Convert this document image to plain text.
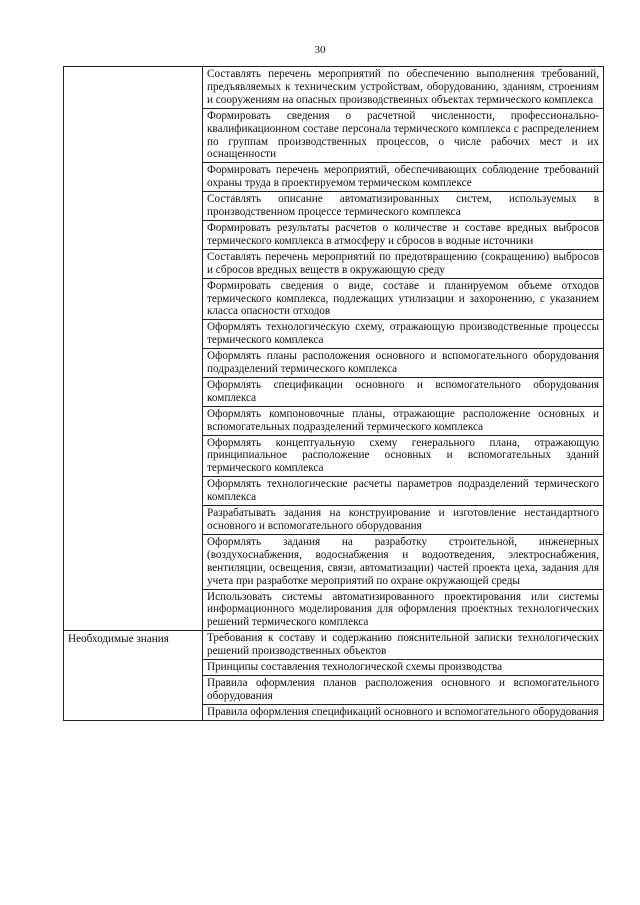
30
	Составлять перечень мероприятий по обеспечению выполнения требований, предъявляемых к техническим устройствам, оборудованию, зданиям, строениям и сооружениям на опасных производственных объектах термического комплекса
	Формировать сведения о расчетной численности, профессионально-квалификационном составе персонала термического комплекса с распределением по группам производственных процессов, о числе рабочих мест и их оснащенности
	Формировать перечень мероприятий, обеспечивающих соблюдение требований охраны труда в проектируемом термическом комплексе
	Составлять описание автоматизированных систем, используемых в производственном процессе термического комплекса
	Формировать результаты расчетов о количестве и составе вредных выбросов термического комплекса в атмосферу и сбросов в водные источники
	Составлять перечень мероприятий по предотвращению (сокращению) выбросов и сбросов вредных веществ в окружающую среду
	Формировать сведения о виде, составе и планируемом объеме отходов термического комплекса, подлежащих утилизации и захоронению, с указанием класса опасности отходов
	Оформлять технологическую схему, отражающую производственные процессы термического комплекса
	Оформлять планы расположения основного и вспомогательного оборудования подразделений термического комплекса
	Оформлять спецификации основного и вспомогательного оборудования комплекса
	Оформлять компоновочные планы, отражающие расположение основных и вспомогательных подразделений термического комплекса
	Оформлять концептуальную схему генерального плана, отражающую принципиальное расположение основных и вспомогательных зданий термического комплекса
	Оформлять технологические расчеты параметров подразделений термического комплекса
	Разрабатывать задания на конструирование и изготовление нестандартного основного и вспомогательного оборудования
	Оформлять задания на разработку строительной, инженерных (воздухоснабжения, водоснабжения и водоотведения, электроснабжения, вентиляции, освещения, связи, автоматизации) частей проекта цеха, задания для учета при разработке мероприятий по охране окружающей среды
	Использовать системы автоматизированного проектирования или системы информационного моделирования для оформления проектных технологических решений термического комплекса

Необходимые знания	Требования к составу и содержанию пояснительной записки технологических решений производственных объектов
	Принципы составления технологической схемы производства
	Правила оформления планов расположения основного и вспомогательного оборудования
	Правила оформления спецификаций основного и вспомогательного оборудования
